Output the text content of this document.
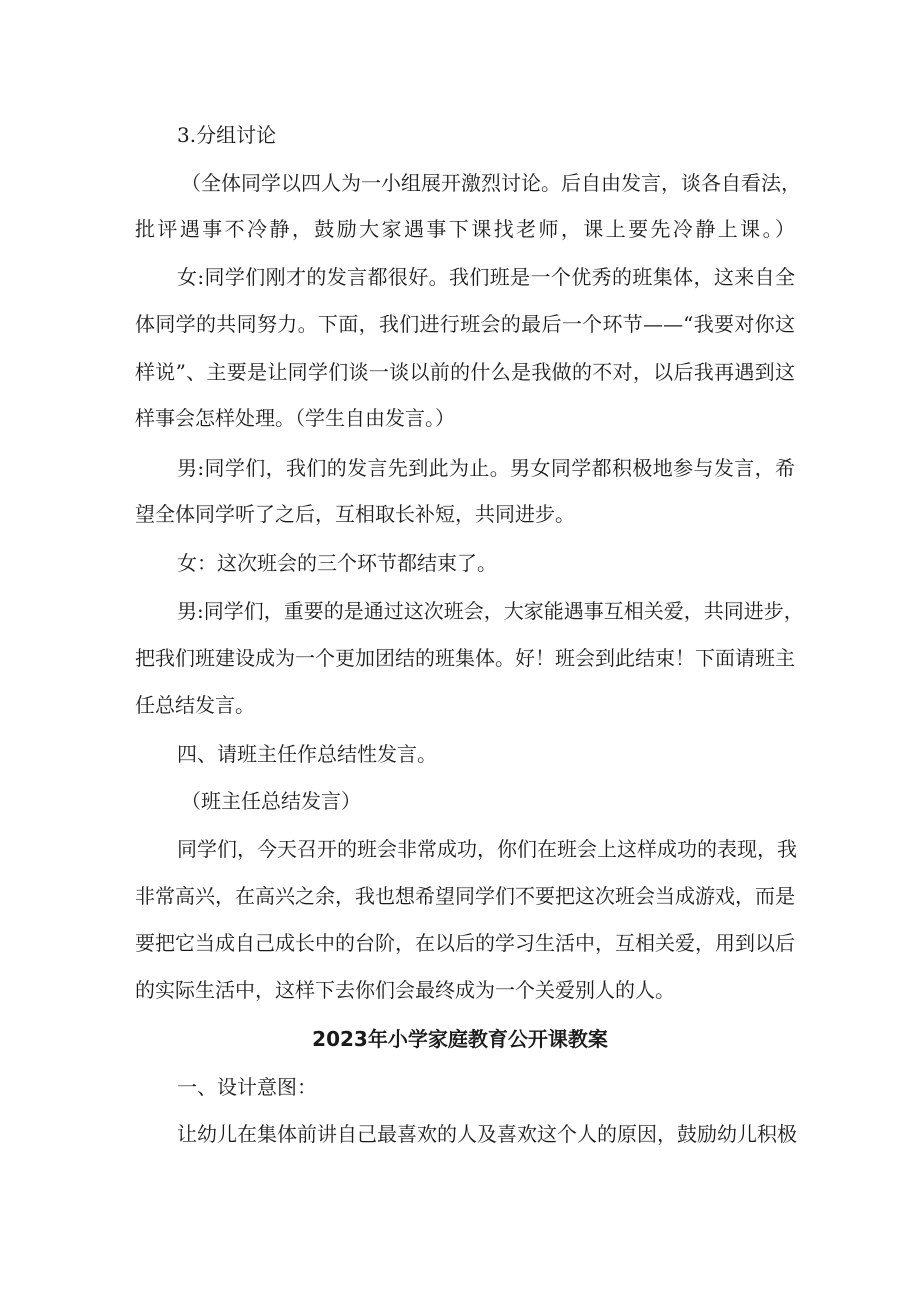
3.分组讨论
（全体同学以四人为一小组展开激烈讨论。后自由发言，谈各自看法，
批评遇事不冷静，鼓励大家遇事下课找老师，课上要先冷静上课。）
女:同学们刚才的发言都很好。我们班是一个优秀的班集体，这来自全
体同学的共同努力。下面，我们进行班会的最后一个环节——“我要对你这
样说”、主要是让同学们谈一谈以前的什么是我做的不对，以后我再遇到这
样事会怎样处理。（学生自由发言。）
男:同学们，我们的发言先到此为止。男女同学都积极地参与发言，希
望全体同学听了之后，互相取长补短，共同进步。
女：这次班会的三个环节都结束了。
男:同学们，重要的是通过这次班会，大家能遇事互相关爱，共同进步，
把我们班建设成为一个更加团结的班集体。好！班会到此结束！下面请班主
任总结发言。
四、请班主任作总结性发言。
（班主任总结发言）
同学们，今天召开的班会非常成功，你们在班会上这样成功的表现，我
非常高兴，在高兴之余，我也想希望同学们不要把这次班会当成游戏，而是
要把它当成自己成长中的台阶，在以后的学习生活中，互相关爱，用到以后
的实际生活中，这样下去你们会最终成为一个关爱别人的人。
2023年小学家庭教育公开课教案
一、设计意图：
让幼儿在集体前讲自己最喜欢的人及喜欢这个人的原因，鼓励幼儿积极
